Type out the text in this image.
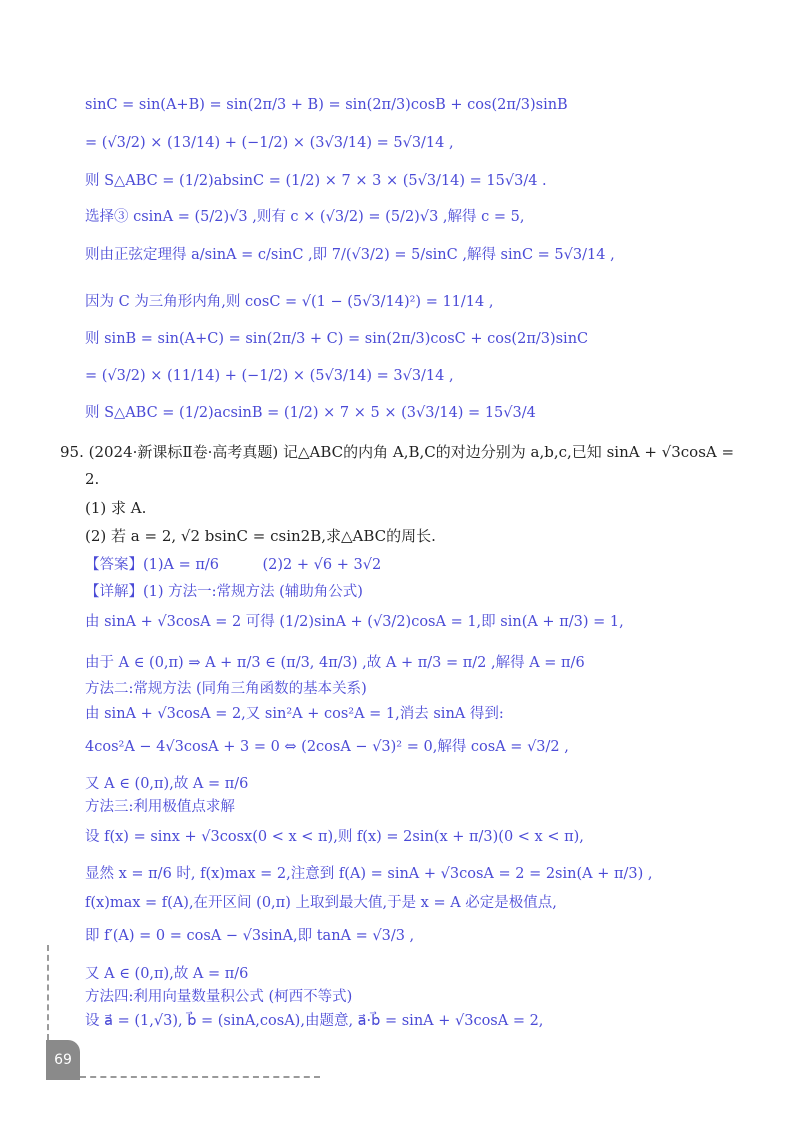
sinC = sin(A+B) = sin(2π/3 + B) = sin(2π/3)cosB + cos(2π/3)sinB
= (√3/2) × (13/14) + (−1/2) × (3√3/14) = 5√3/14 ,
则 S△ABC = (1/2)absinC = (1/2) × 7 × 3 × (5√3/14) = 15√3/4 .
选择③ csinA = (5/2)√3 ,则有 c × (√3/2) = (5/2)√3 ,解得 c = 5,
则由正弦定理得 a/sinA = c/sinC ,即 7/(√3/2) = 5/sinC ,解得 sinC = 5√3/14 ,
因为 C 为三角形内角,则 cosC = √(1 − (5√3/14)²) = 11/14 ,
则 sinB = sin(A+C) = sin(2π/3 + C) = sin(2π/3)cosC + cos(2π/3)sinC
= (√3/2) × (11/14) + (−1/2) × (5√3/14) = 3√3/14 ,
则 S△ABC = (1/2)acsinB = (1/2) × 7 × 5 × (3√3/14) = 15√3/4
95. (2024·新课标Ⅱ卷·高考真题) 记△ABC的内角 A,B,C的对边分别为 a,b,c,已知 sinA + √3cosA =
2.
(1) 求 A.
(2) 若 a = 2, √2 bsinC = csin2B,求△ABC的周长.
【答案】(1)A = π/6　　　(2)2 + √6 + 3√2
【详解】(1) 方法一:常规方法 (辅助角公式)
由 sinA + √3cosA = 2 可得 (1/2)sinA + (√3/2)cosA = 1,即 sin(A + π/3) = 1,
由于 A ∈ (0,π) ⇒ A + π/3 ∈ (π/3, 4π/3) ,故 A + π/3 = π/2 ,解得 A = π/6
方法二:常规方法 (同角三角函数的基本关系)
由 sinA + √3cosA = 2,又 sin²A + cos²A = 1,消去 sinA 得到:
4cos²A − 4√3cosA + 3 = 0 ⇔ (2cosA − √3)² = 0,解得 cosA = √3/2 ,
又 A ∈ (0,π),故 A = π/6
方法三:利用极值点求解
设 f(x) = sinx + √3cosx(0 < x < π),则 f(x) = 2sin(x + π/3)(0 < x < π),
显然 x = π/6 时, f(x)max = 2,注意到 f(A) = sinA + √3cosA = 2 = 2sin(A + π/3) ,
f(x)max = f(A),在开区间 (0,π) 上取到最大值,于是 x = A 必定是极值点,
即 f′(A) = 0 = cosA − √3sinA,即 tanA = √3/3 ,
又 A ∈ (0,π),故 A = π/6
方法四:利用向量数量积公式 (柯西不等式)
设 a⃗ = (1,√3), b⃗ = (sinA,cosA),由题意, a⃗·b⃗ = sinA + √3cosA = 2,
69
